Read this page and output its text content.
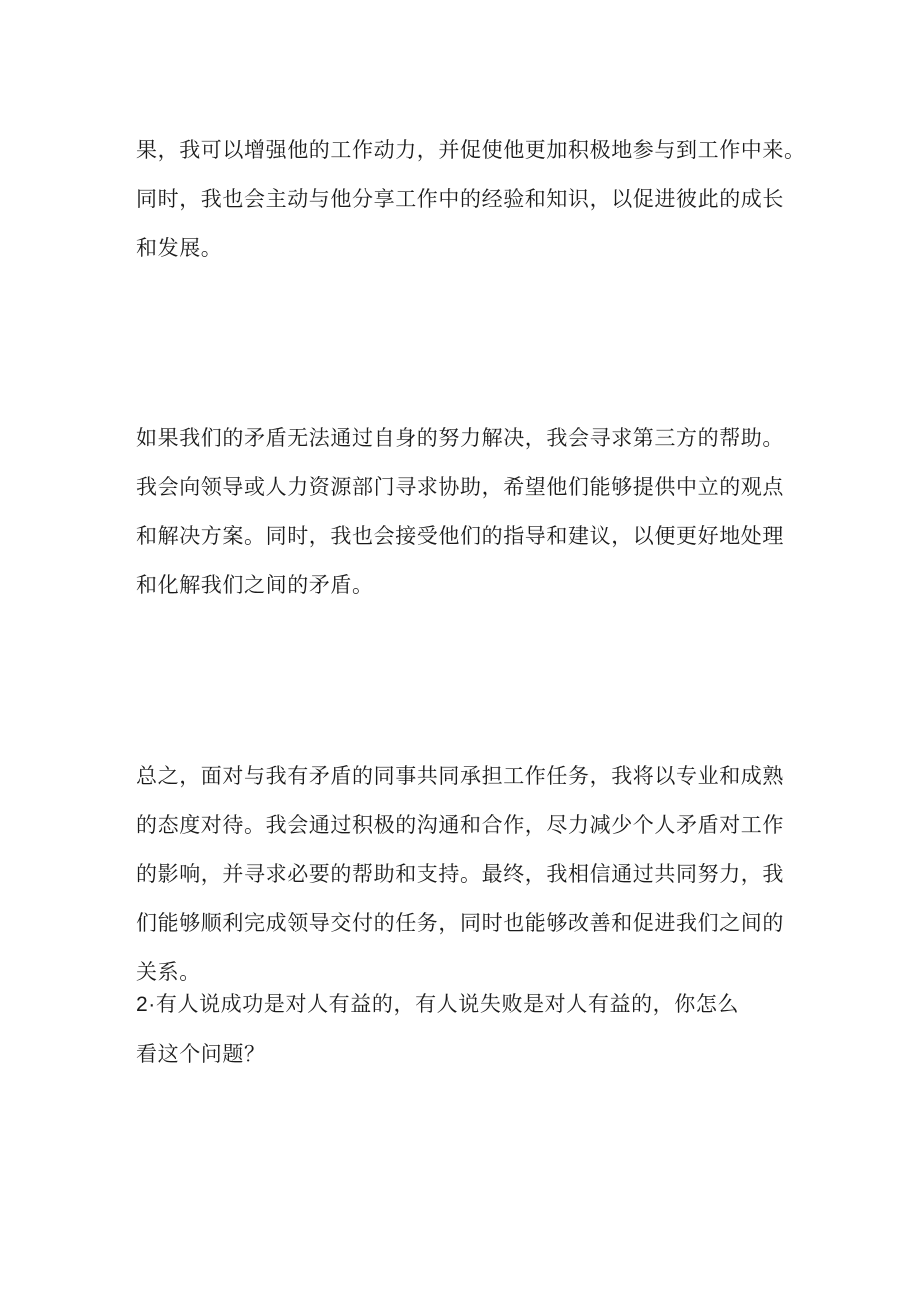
果，我可以增强他的工作动力，并促使他更加积极地参与到工作中来。
同时，我也会主动与他分享工作中的经验和知识，以促进彼此的成长
和发展。
如果我们的矛盾无法通过自身的努力解决，我会寻求第三方的帮助。
我会向领导或人力资源部门寻求协助，希望他们能够提供中立的观点
和解决方案。同时，我也会接受他们的指导和建议，以便更好地处理
和化解我们之间的矛盾。
总之，面对与我有矛盾的同事共同承担工作任务，我将以专业和成熟
的态度对待。我会通过积极的沟通和合作，尽力减少个人矛盾对工作
的影响，并寻求必要的帮助和支持。最终，我相信通过共同努力，我
们能够顺利完成领导交付的任务，同时也能够改善和促进我们之间的
关系。
2·有人说成功是对人有益的，有人说失败是对人有益的，你怎么
看这个问题？
